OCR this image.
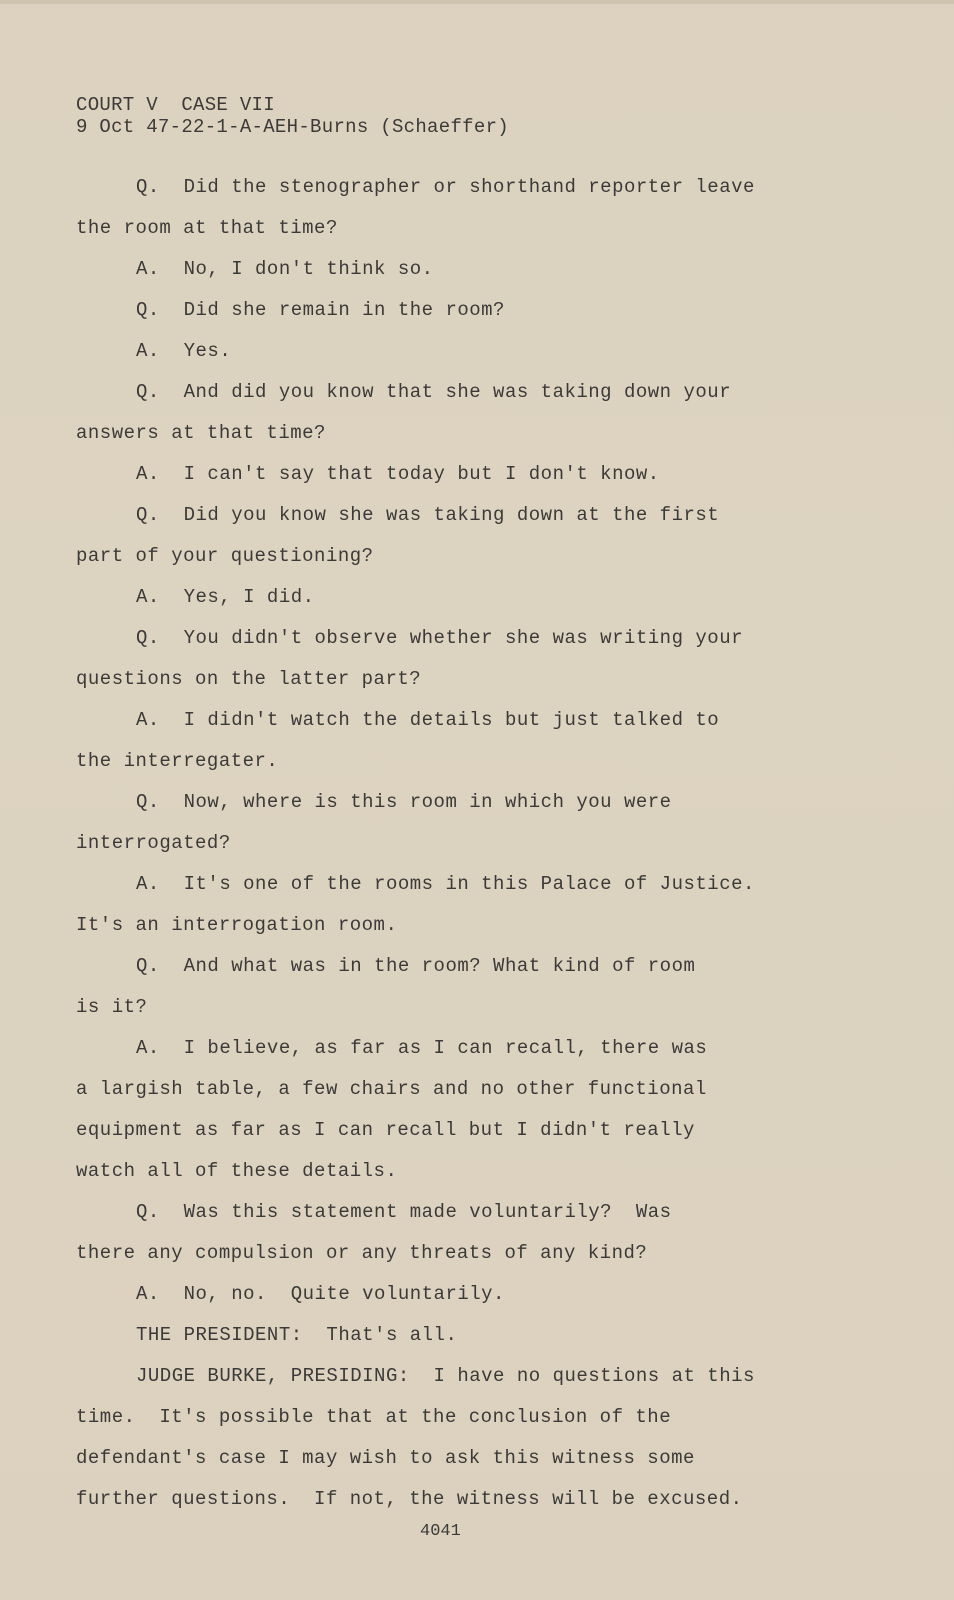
COURT V  CASE VII
9 Oct 47-22-1-A-AEH-Burns (Schaeffer)
Q.  Did the stenographer or shorthand reporter leave
the room at that time?
A.  No, I don't think so.
Q.  Did she remain in the room?
A.  Yes.
Q.  And did you know that she was taking down your
answers at that time?
A.  I can't say that today but I don't know.
Q.  Did you know she was taking down at the first
part of your questioning?
A.  Yes, I did.
Q.  You didn't observe whether she was writing your
questions on the latter part?
A.  I didn't watch the details but just talked to
the interregater.
Q.  Now, where is this room in which you were
interrogated?
A.  It's one of the rooms in this Palace of Justice.
It's an interrogation room.
Q.  And what was in the room? What kind of room
is it?
A.  I believe, as far as I can recall, there was
a largish table, a few chairs and no other functional
equipment as far as I can recall but I didn't really
watch all of these details.
Q.  Was this statement made voluntarily?  Was
there any compulsion or any threats of any kind?
A.  No, no.  Quite voluntarily.
THE PRESIDENT:  That's all.
JUDGE BURKE, PRESIDING:  I have no questions at this
time.  It's possible that at the conclusion of the
defendant's case I may wish to ask this witness some
further questions.  If not, the witness will be excused.
4041
